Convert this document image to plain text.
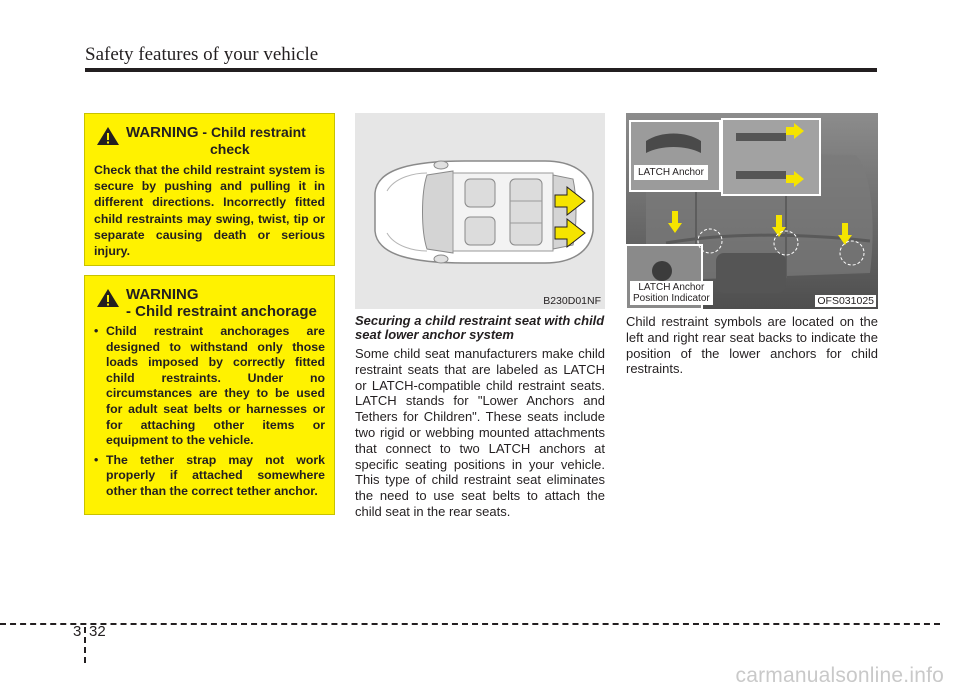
Safety features of your vehicle
WARNING - Child restraint
check
Check that the child restraint system is secure by pushing and pulling it in different directions. Incorrectly fitted child restraints may swing, twist, tip or separate causing death or serious injury.
WARNING
- Child restraint anchorage
• Child restraint anchorages are designed to withstand only those loads imposed by correctly fitted child restraints. Under no circumstances are they to be used for adult seat belts or harnesses or for attaching other items or equipment to the vehicle.
• The tether strap may not work properly if attached somewhere other than the correct tether anchor.
B230D01NF
LATCH Anchor
LATCH Anchor
Position Indicator	OFS031025
Securing a child restraint seat with child seat lower anchor system
Some child seat manufacturers make child restraint seats that are labeled as LATCH or LATCH-compatible child restraint seats. LATCH stands for "Lower Anchors and Tethers for Children". These seats include two rigid or webbing mounted attachments that connect to two LATCH anchors at specific seating positions in your vehicle. This type of child restraint seat eliminates the need to use seat belts to attach the child seat in the rear seats.
Child restraint symbols are located on the left and right rear seat backs to indicate the position of the lower anchors for child restraints.
3 32
carmanualsonline.info
